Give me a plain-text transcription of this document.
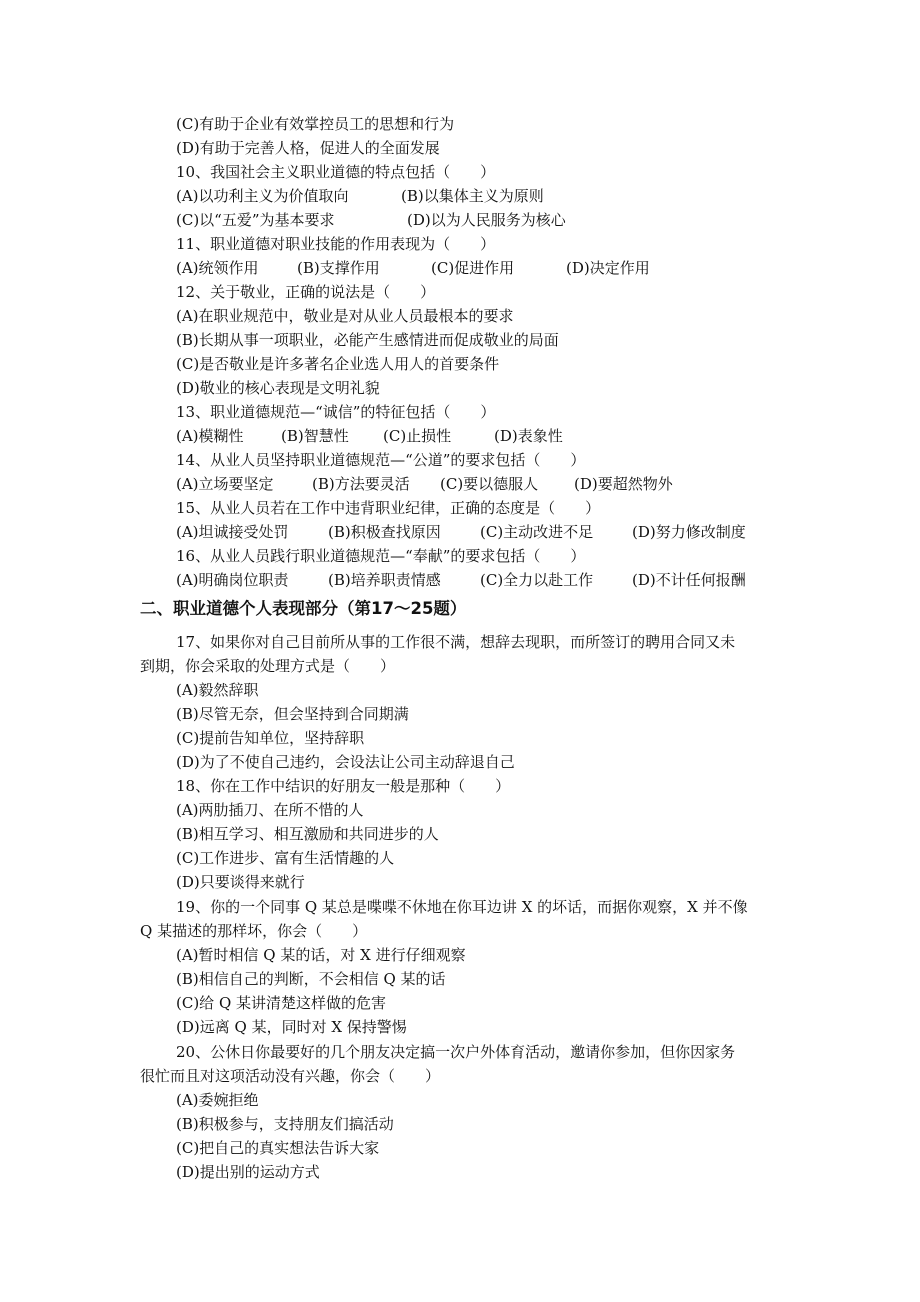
(C)有助于企业有效掌控员工的思想和行为
(D)有助于完善人格，促进人的全面发展
10、我国社会主义职业道德的特点包括（　　）
(A)以功利主义为价值取向	(B)以集体主义为原则
(C)以“五爱”为基本要求	(D)以为人民服务为核心
11、职业道德对职业技能的作用表现为（　　）
(A)统领作用	(B)支撑作用	(C)促进作用	(D)决定作用
12、关于敬业，正确的说法是（　　）
(A)在职业规范中，敬业是对从业人员最根本的要求
(B)长期从事一项职业，必能产生感情进而促成敬业的局面
(C)是否敬业是许多著名企业选人用人的首要条件
(D)敬业的核心表现是文明礼貌
13、职业道德规范—“诚信”的特征包括（　　）
(A)模糊性 (B)智慧性 (C)止损性	(D)表象性
14、从业人员坚持职业道德规范—“公道”的要求包括（　　）
(A)立场要坚定	(B)方法要灵活 (C)要以德服人 (D)要超然物外
15、从业人员若在工作中违背职业纪律，正确的态度是（　　）
(A)坦诚接受处罚	(B)积极查找原因	(C)主动改进不足	(D)努力修改制度
16、从业人员践行职业道德规范—“奉献”的要求包括（　　）
(A)明确岗位职责	(B)培养职责情感	(C)全力以赴工作	(D)不计任何报酬
二、职业道德个人表现部分（第17～25题）
17、如果你对自己目前所从事的工作很不满，想辞去现职，而所签订的聘用合同又未
到期，你会采取的处理方式是（　　）
(A)毅然辞职
(B)尽管无奈，但会坚持到合同期满
(C)提前告知单位，坚持辞职
(D)为了不使自己违约，会设法让公司主动辞退自己
18、你在工作中结识的好朋友一般是那种（　　）
(A)两肋插刀、在所不惜的人
(B)相互学习、相互激励和共同进步的人
(C)工作进步、富有生活情趣的人
(D)只要谈得来就行
19、你的一个同事 Q 某总是喋喋不休地在你耳边讲 X 的坏话，而据你观察，X 并不像
Q 某描述的那样坏，你会（　　）
(A)暂时相信 Q 某的话，对 X 进行仔细观察
(B)相信自己的判断，不会相信 Q 某的话
(C)给 Q 某讲清楚这样做的危害
(D)远离 Q 某，同时对 X 保持警惕
20、公休日你最要好的几个朋友决定搞一次户外体育活动，邀请你参加，但你因家务
很忙而且对这项活动没有兴趣，你会（　　）
(A)委婉拒绝
(B)积极参与，支持朋友们搞活动
(C)把自己的真实想法告诉大家
(D)提出别的运动方式
